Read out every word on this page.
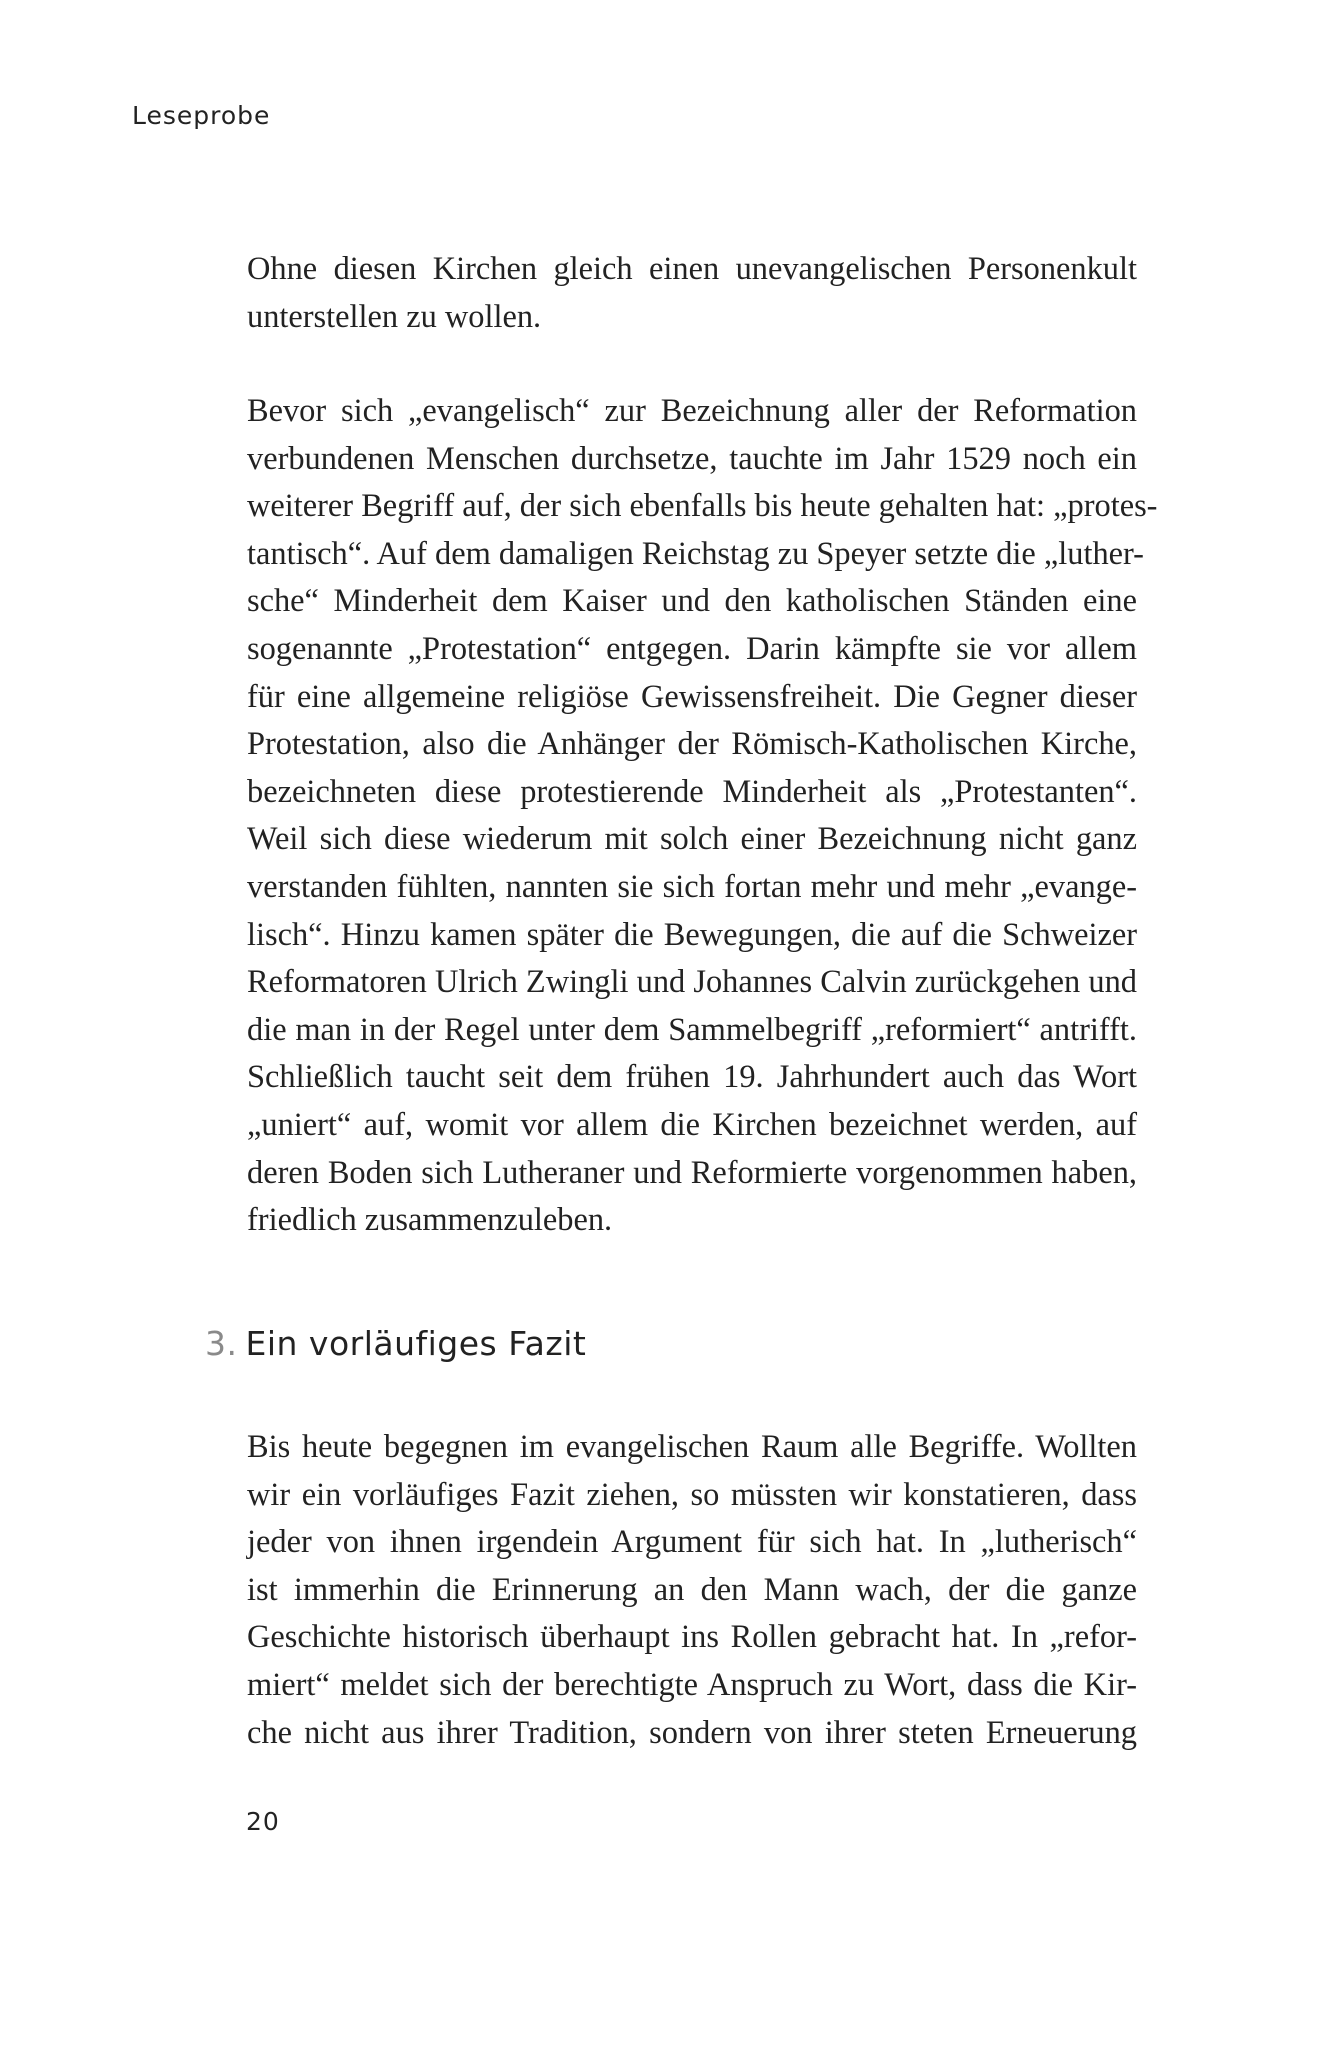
Leseprobe
Ohne diesen Kirchen gleich einen unevangelischen Personenkult
unterstellen zu wollen.
Bevor sich „evangelisch“ zur Bezeichnung aller der Reformation
verbundenen Menschen durchsetze, tauchte im Jahr 1529 noch ein
weiterer Begriff auf, der sich ebenfalls bis heute gehalten hat: „protes-
tantisch“. Auf dem damaligen Reichstag zu Speyer setzte die „luther-
sche“ Minderheit dem Kaiser und den katholischen Ständen eine
sogenannte „Protestation“ entgegen. Darin kämpfte sie vor allem
für eine allgemeine religiöse Gewissensfreiheit. Die Gegner dieser
Protestation, also die Anhänger der Römisch-Katholischen Kirche,
bezeichneten diese protestierende Minderheit als „Protestanten“.
Weil sich diese wiederum mit solch einer Bezeichnung nicht ganz
verstanden fühlten, nannten sie sich fortan mehr und mehr „evange-
lisch“. Hinzu kamen später die Bewegungen, die auf die Schweizer
Reformatoren Ulrich Zwingli und Johannes Calvin zurückgehen und
die man in der Regel unter dem Sammelbegriff „reformiert“ antrifft.
Schließlich taucht seit dem frühen 19. Jahrhundert auch das Wort
„uniert“ auf, womit vor allem die Kirchen bezeichnet werden, auf
deren Boden sich Lutheraner und Reformierte vorgenommen haben,
friedlich zusammenzuleben.
3. Ein vorläufiges Fazit
Bis heute begegnen im evangelischen Raum alle Begriffe. Wollten
wir ein vorläufiges Fazit ziehen, so müssten wir konstatieren, dass
jeder von ihnen irgendein Argument für sich hat. In „lutherisch“
ist immerhin die Erinnerung an den Mann wach, der die ganze
Geschichte historisch überhaupt ins Rollen gebracht hat. In „refor-
miert“ meldet sich der berechtigte Anspruch zu Wort, dass die Kir-
che nicht aus ihrer Tradition, sondern von ihrer steten Erneuerung
20
